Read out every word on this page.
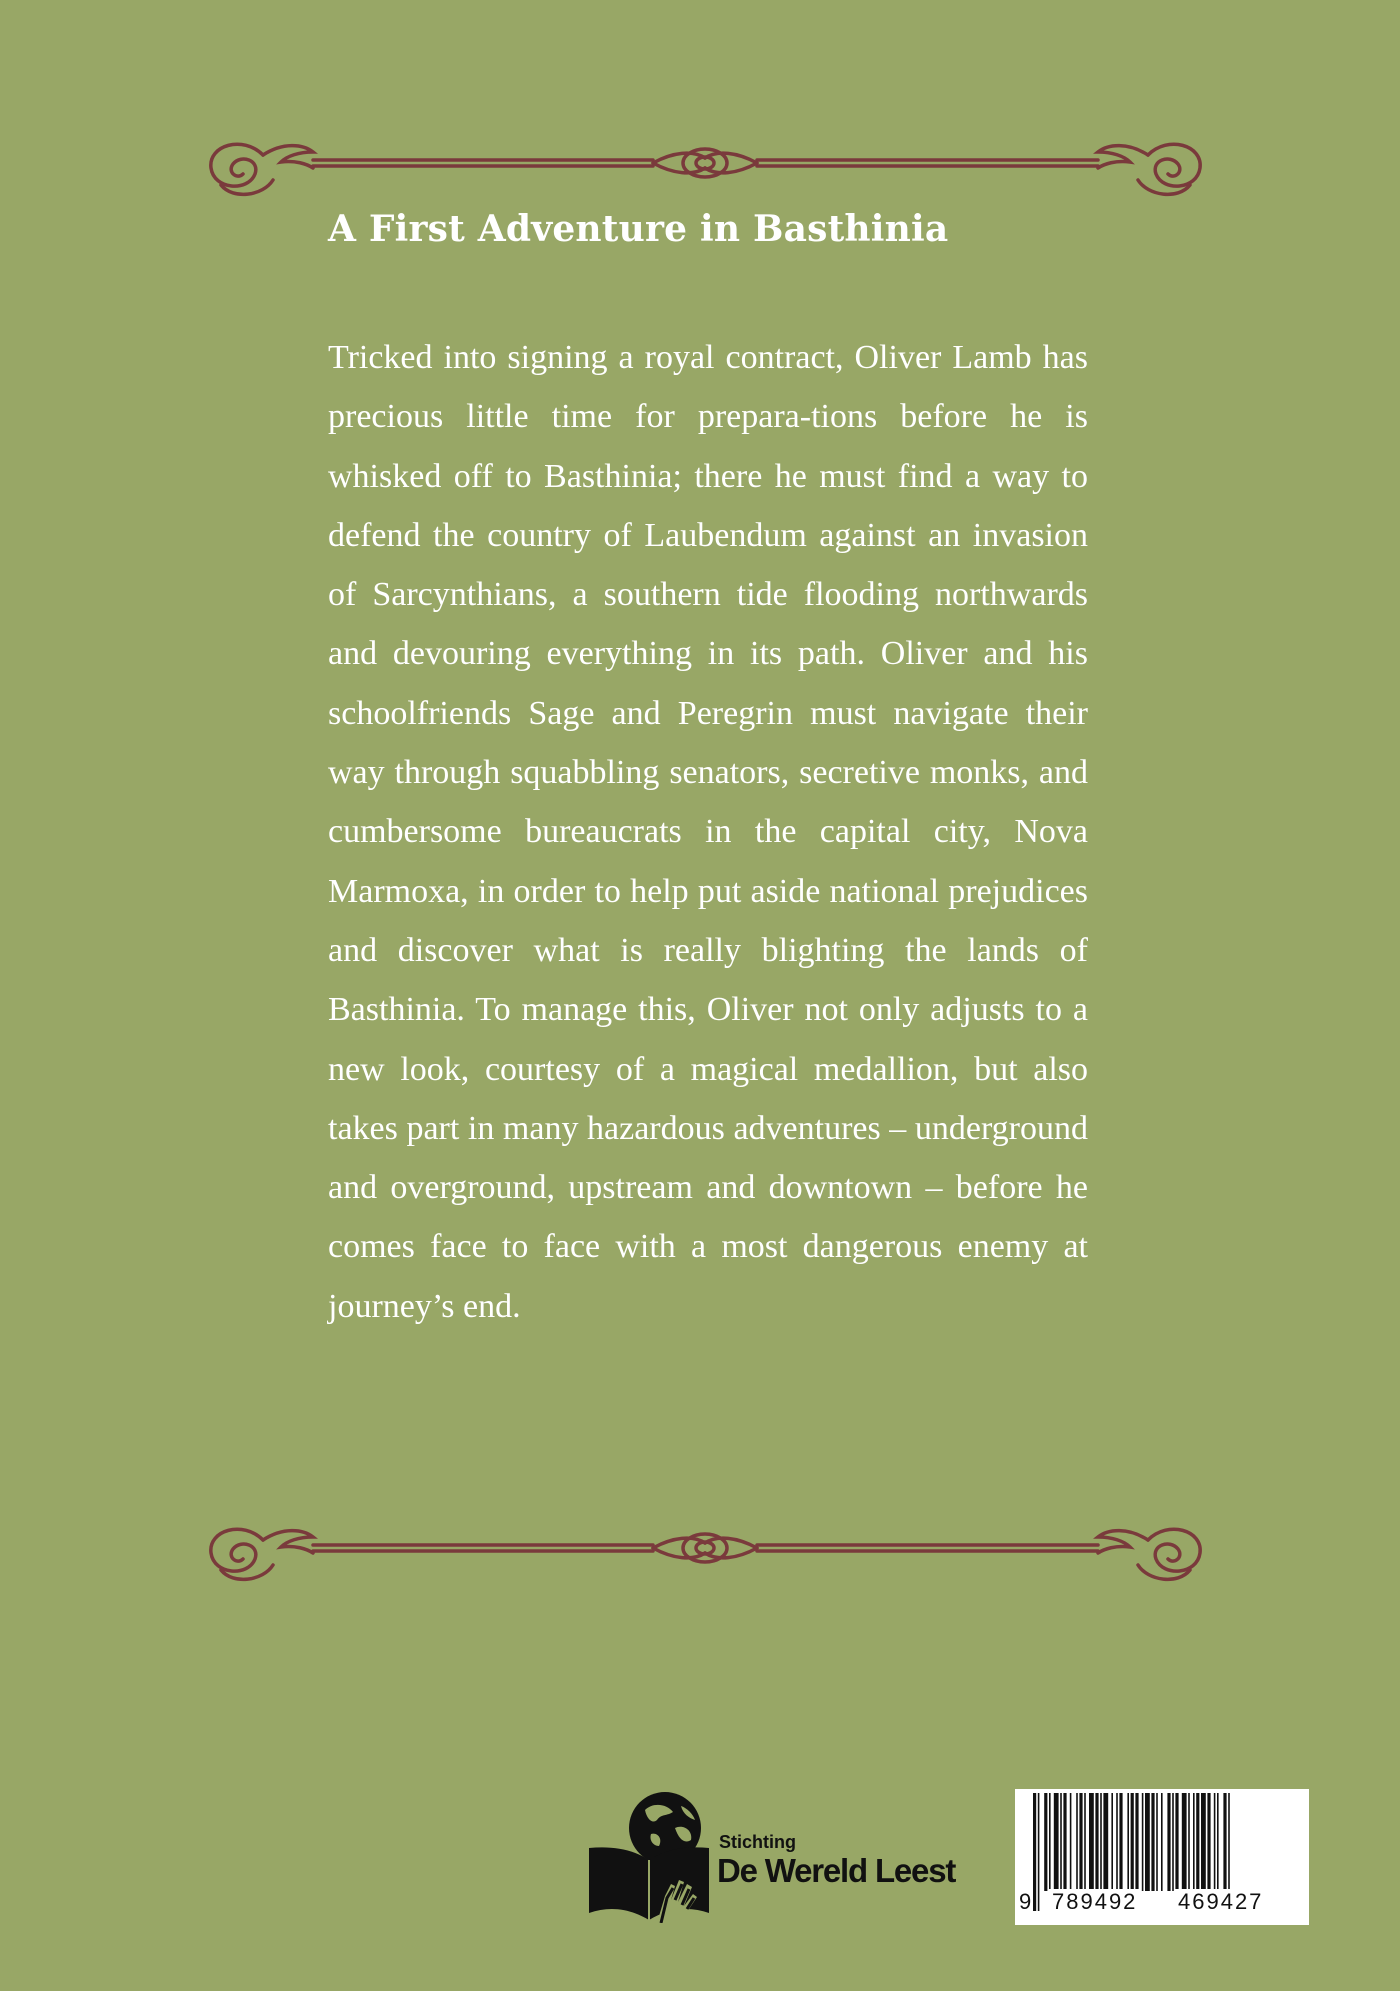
A First Adventure in Basthinia

Tricked into signing a royal contract, Oliver Lamb has precious little time for prepara-tions before he is whisked off to Basthinia; there he must find a way to defend the country of Laubendum against an invasion of Sarcynthians, a southern tide flooding northwards and devouring everything in its path. Oliver and his schoolfriends Sage and Peregrin must navigate their way through squabbling senators, secretive monks, and cumbersome bureaucrats in the capital city, Nova Marmoxa, in order to help put aside national prejudices and discover what is really blighting the lands of Basthinia. To manage this, Oliver not only adjusts to a new look, courtesy of a magical medallion, but also takes part in many hazardous adventures – underground and overground, upstream and downtown – before he comes face to face with a most dangerous enemy at journey’s end.

Stichting
De Wereld Leest
9 789492 469427
